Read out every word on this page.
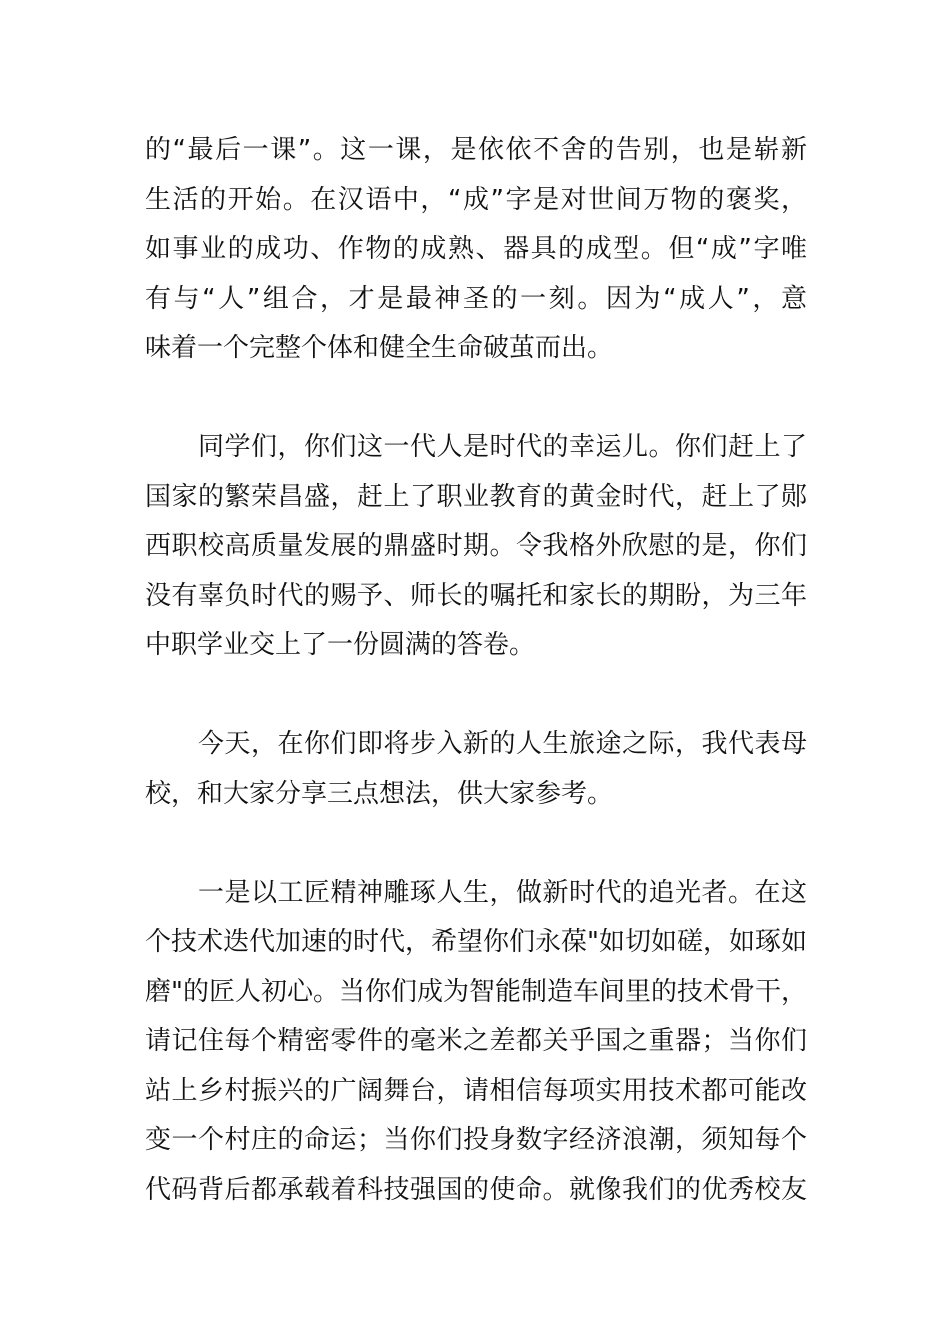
的“最后一课”。这一课，是依依不舍的告别，也是崭新
生活的开始。在汉语中，“成”字是对世间万物的褒奖，
如事业的成功、作物的成熟、器具的成型。但“成”字唯
有与“人”组合，才是最神圣的一刻。因为“成人”，意
味着一个完整个体和健全生命破茧而出。

　　同学们，你们这一代人是时代的幸运儿。你们赶上了
国家的繁荣昌盛，赶上了职业教育的黄金时代，赶上了郧
西职校高质量发展的鼎盛时期。令我格外欣慰的是，你们
没有辜负时代的赐予、师长的嘱托和家长的期盼，为三年
中职学业交上了一份圆满的答卷。

　　今天，在你们即将步入新的人生旅途之际，我代表母
校，和大家分享三点想法，供大家参考。

　　一是以工匠精神雕琢人生，做新时代的追光者。在这
个技术迭代加速的时代，希望你们永葆"如切如磋，如琢如
磨"的匠人初心。当你们成为智能制造车间里的技术骨干，
请记住每个精密零件的毫米之差都关乎国之重器；当你们
站上乡村振兴的广阔舞台，请相信每项实用技术都可能改
变一个村庄的命运；当你们投身数字经济浪潮，须知每个
代码背后都承载着科技强国的使命。就像我们的优秀校友
